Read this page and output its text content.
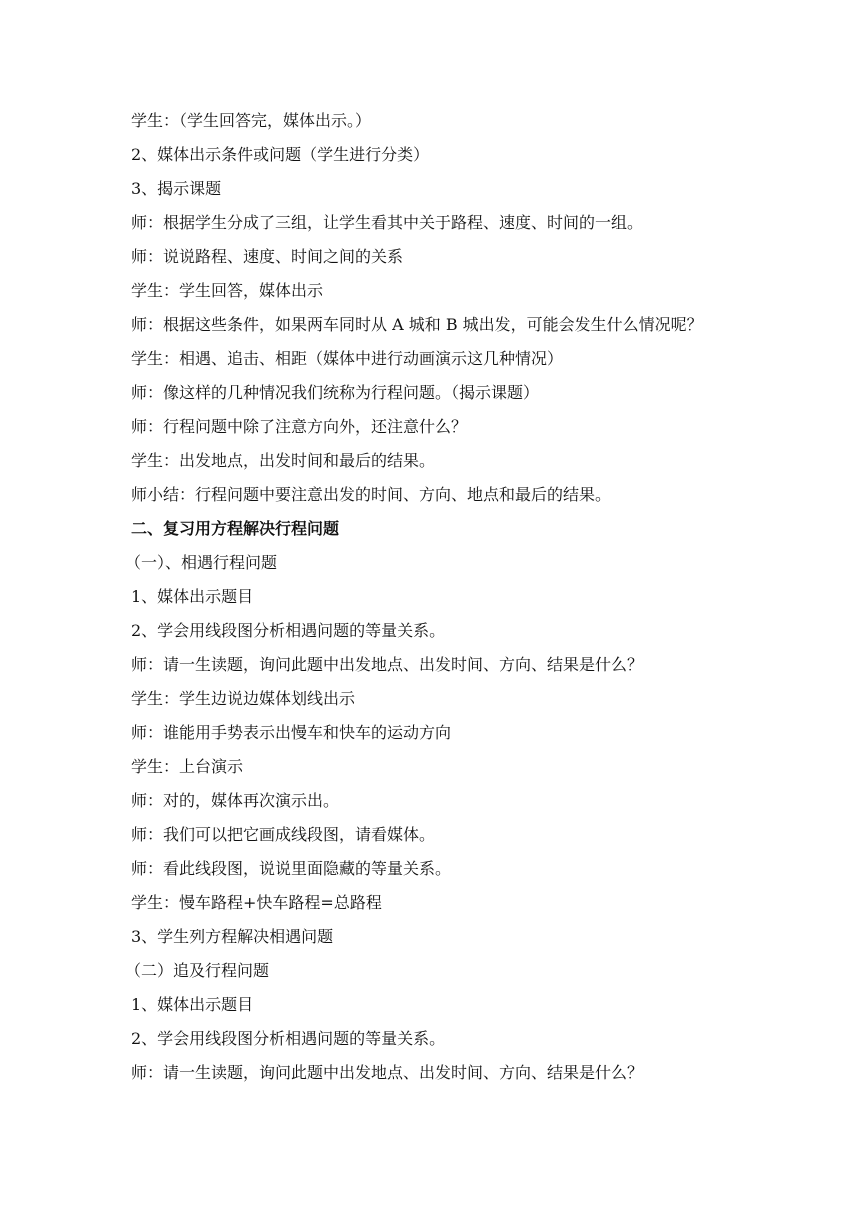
学生：（学生回答完，媒体出示。）
2、媒体出示条件或问题（学生进行分类）
3、揭示课题
师：根据学生分成了三组，让学生看其中关于路程、速度、时间的一组。
师：说说路程、速度、时间之间的关系
学生：学生回答，媒体出示
师：根据这些条件，如果两车同时从 A 城和 B 城出发，可能会发生什么情况呢？
学生：相遇、追击、相距（媒体中进行动画演示这几种情况）
师：像这样的几种情况我们统称为行程问题。（揭示课题）
师：行程问题中除了注意方向外，还注意什么？
学生：出发地点，出发时间和最后的结果。
师小结：行程问题中要注意出发的时间、方向、地点和最后的结果。
二、复习用方程解决行程问题
（一）、相遇行程问题
1、媒体出示题目
2、学会用线段图分析相遇问题的等量关系。
师：请一生读题，询问此题中出发地点、出发时间、方向、结果是什么？
学生：学生边说边媒体划线出示
师：谁能用手势表示出慢车和快车的运动方向
学生：上台演示
师：对的，媒体再次演示出。
师：我们可以把它画成线段图，请看媒体。
师：看此线段图，说说里面隐藏的等量关系。
学生：慢车路程+快车路程=总路程
3、学生列方程解决相遇问题
（二）追及行程问题
1、媒体出示题目
2、学会用线段图分析相遇问题的等量关系。
师：请一生读题，询问此题中出发地点、出发时间、方向、结果是什么？
